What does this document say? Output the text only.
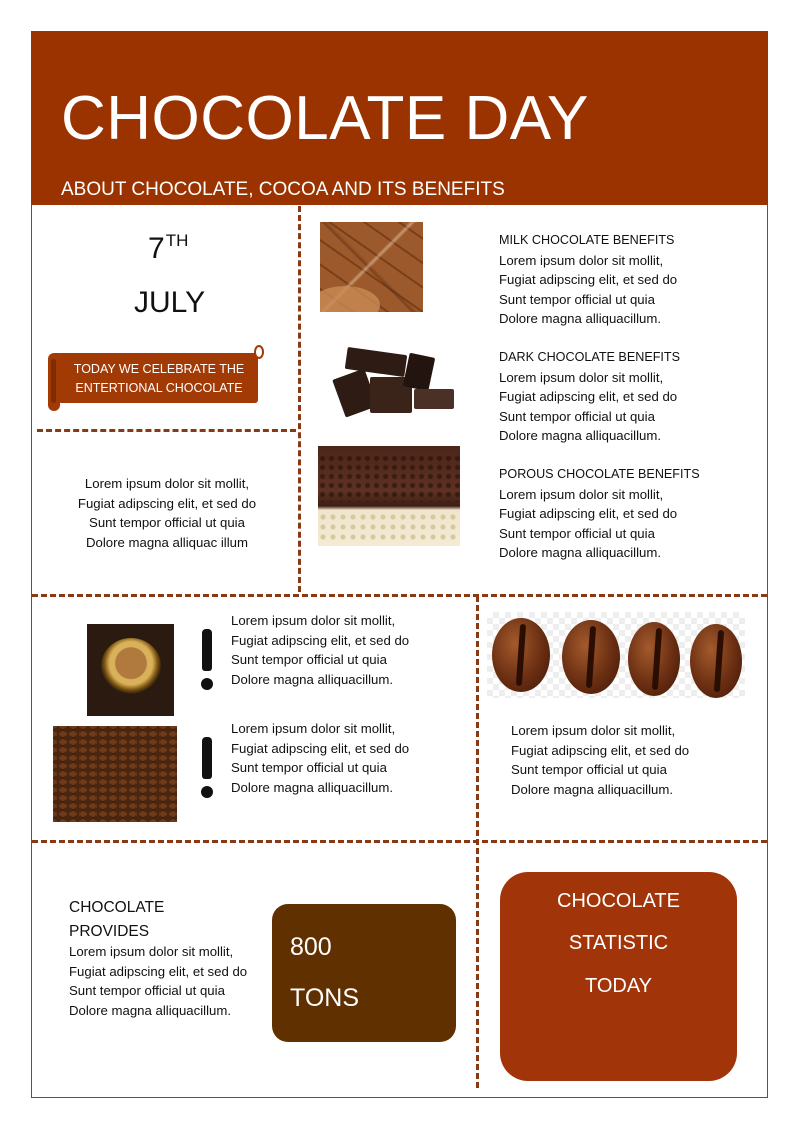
CHOCOLATE DAY
ABOUT CHOCOLATE, COCOA AND ITS BENEFITS
7TH
JULY
TODAY WE CELEBRATE THE
ENTERTIONAL CHOCOLATE
Lorem ipsum dolor sit mollit,
Fugiat adipscing elit, et sed do
Sunt tempor official ut quia
Dolore magna alliquac illum
MILK CHOCOLATE BENEFITS
Lorem ipsum dolor sit mollit,
Fugiat adipscing elit, et sed do
Sunt tempor official ut quia
Dolore magna alliquacillum.
DARK CHOCOLATE BENEFITS
Lorem ipsum dolor sit mollit,
Fugiat adipscing elit, et sed do
Sunt tempor official ut quia
Dolore magna alliquacillum.
POROUS CHOCOLATE BENEFITS
Lorem ipsum dolor sit mollit,
Fugiat adipscing elit, et sed do
Sunt tempor official ut quia
Dolore magna alliquacillum.
Lorem ipsum dolor sit mollit,
Fugiat adipscing elit, et sed do
Sunt tempor official ut quia
Dolore magna alliquacillum.
Lorem ipsum dolor sit mollit,
Fugiat adipscing elit, et sed do
Sunt tempor official ut quia
Dolore magna alliquacillum.
Lorem ipsum dolor sit mollit,
Fugiat adipscing elit, et sed do
Sunt tempor official ut quia
Dolore magna alliquacillum.
CHOCOLATE
PROVIDES
Lorem ipsum dolor sit mollit,
Fugiat adipscing elit, et sed do
Sunt tempor official ut quia
Dolore magna alliquacillum.
800
TONS
CHOCOLATE
STATISTIC
TODAY
